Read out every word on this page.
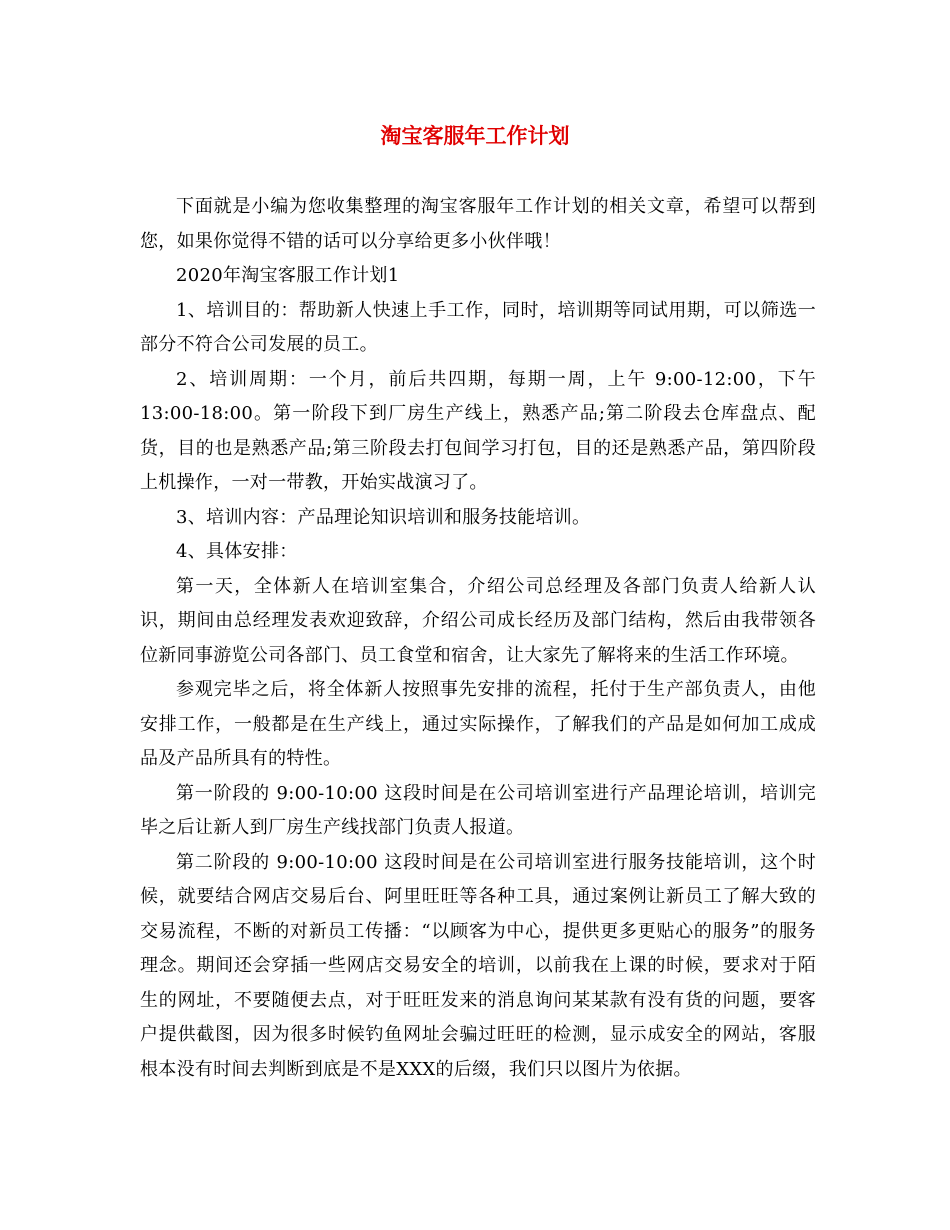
淘宝客服年工作计划

下面就是小编为您收集整理的淘宝客服年工作计划的相关文章，希望可以帮到您，如果你觉得不错的话可以分享给更多小伙伴哦！

2020年淘宝客服工作计划1

1、培训目的：帮助新人快速上手工作，同时，培训期等同试用期，可以筛选一部分不符合公司发展的员工。

2、培训周期：一个月，前后共四期，每期一周，上午 9:00-12:00，下午 13:00-18:00。第一阶段下到厂房生产线上，熟悉产品;第二阶段去仓库盘点、配货，目的也是熟悉产品;第三阶段去打包间学习打包，目的还是熟悉产品，第四阶段上机操作，一对一带教，开始实战演习了。

3、培训内容：产品理论知识培训和服务技能培训。

4、具体安排：

第一天，全体新人在培训室集合，介绍公司总经理及各部门负责人给新人认识，期间由总经理发表欢迎致辞，介绍公司成长经历及部门结构，然后由我带领各位新同事游览公司各部门、员工食堂和宿舍，让大家先了解将来的生活工作环境。

参观完毕之后，将全体新人按照事先安排的流程，托付于生产部负责人，由他安排工作，一般都是在生产线上，通过实际操作，了解我们的产品是如何加工成成品及产品所具有的特性。

第一阶段的 9:00-10:00 这段时间是在公司培训室进行产品理论培训，培训完毕之后让新人到厂房生产线找部门负责人报道。

第二阶段的 9:00-10:00 这段时间是在公司培训室进行服务技能培训，这个时候，就要结合网店交易后台、阿里旺旺等各种工具，通过案例让新员工了解大致的交易流程，不断的对新员工传播：“以顾客为中心，提供更多更贴心的服务”的服务理念。期间还会穿插一些网店交易安全的培训，以前我在上课的时候，要求对于陌生的网址，不要随便去点，对于旺旺发来的消息询问某某款有没有货的问题，要客户提供截图，因为很多时候钓鱼网址会骗过旺旺的检测，显示成安全的网站，客服根本没有时间去判断到底是不是XXX的后缀，我们只以图片为依据。
